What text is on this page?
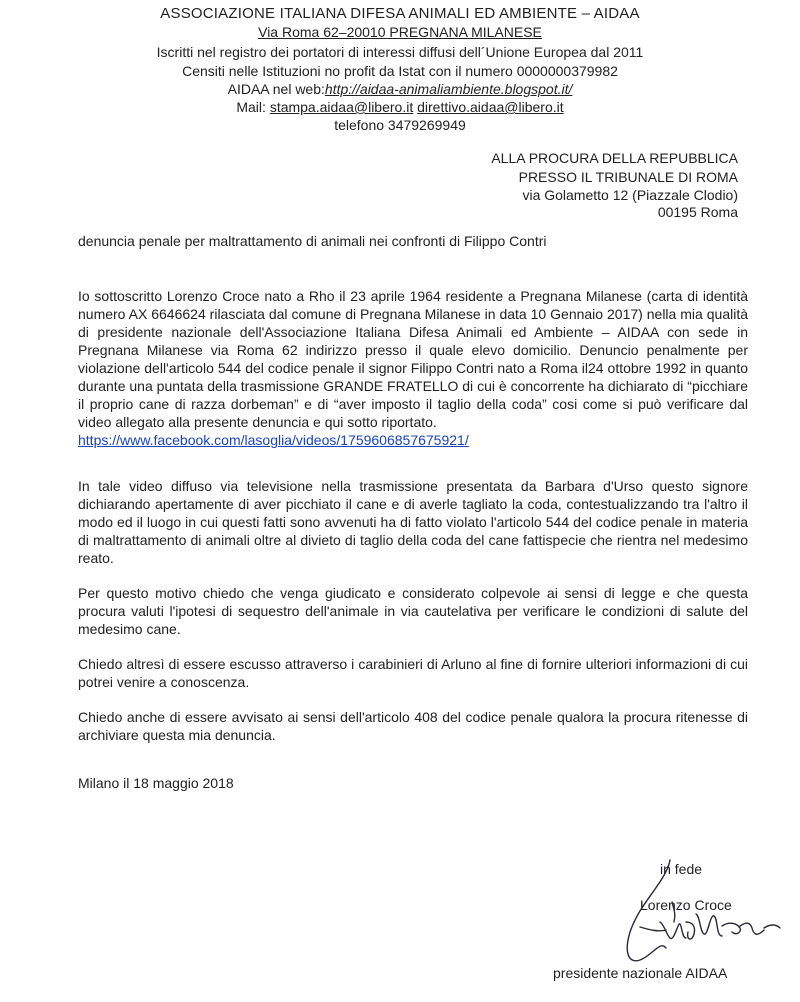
ASSOCIAZIONE ITALIANA DIFESA ANIMALI ED AMBIENTE – AIDAA
Via Roma 62–20010 PREGNANA MILANESE
Iscritti nel registro dei portatori di interessi diffusi dell´Unione Europea dal 2011
Censiti nelle Istituzioni no profit da Istat con il numero 0000000379982
AIDAA nel web:http://aidaa-animaliambiente.blogspot.it/
Mail: stampa.aidaa@libero.it direttivo.aidaa@libero.it
telefono 3479269949
ALLA PROCURA DELLA REPUBBLICA
PRESSO IL TRIBUNALE DI ROMA
via Golametto 12 (Piazzale Clodio)
00195 Roma
denuncia penale per maltrattamento di animali nei confronti di Filippo Contri

Io sottoscritto Lorenzo Croce nato a Rho il 23 aprile 1964 residente a Pregnana Milanese (carta di identità numero AX 6646624 rilasciata dal comune di Pregnana Milanese in data 10 Gennaio 2017) nella mia qualità di presidente nazionale dell'Associazione Italiana Difesa Animali ed Ambiente – AIDAA con sede in Pregnana Milanese via Roma 62 indirizzo presso il quale elevo domicilio. Denuncio penalmente per violazione dell'articolo 544 del codice penale il signor Filippo Contri nato a Roma il24 ottobre 1992 in quanto durante una puntata della trasmissione GRANDE FRATELLO di cui è concorrente ha dichiarato di “picchiare il proprio cane di razza dorbeman” e di “aver imposto il taglio della coda” cosi come si può verificare dal video allegato alla presente denuncia e qui sotto riportato.

https://www.facebook.com/lasoglia/videos/1759606857675921/

In tale video diffuso via televisione nella trasmissione presentata da Barbara d'Urso questo signore dichiarando apertamente di aver picchiato il cane e di averle tagliato la coda, contestualizzando tra l'altro il modo ed il luogo in cui questi fatti sono avvenuti ha di fatto violato l'articolo 544 del codice penale in materia di maltrattamento di animali oltre al divieto di taglio della coda del cane fattispecie che rientra nel medesimo reato.

Per questo motivo chiedo che venga giudicato e considerato colpevole ai sensi di legge e che questa procura valuti l'ipotesi di sequestro dell'animale in via cautelativa per verificare le condizioni di salute del medesimo cane.

Chiedo altresì di essere escusso attraverso i carabinieri di Arluno al fine di fornire ulteriori informazioni di cui potrei venire a conoscenza.

Chiedo anche di essere avvisato ai sensi dell'articolo 408 del codice penale qualora la procura ritenesse di archiviare questa mia denuncia.

Milano il 18 maggio 2018
in fede
Lorenzo Croce
presidente nazionale AIDAA
